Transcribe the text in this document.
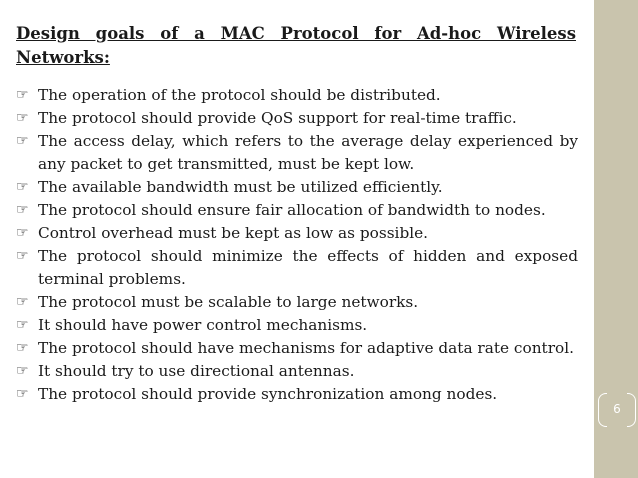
Design goals of a MAC Protocol for Ad-hoc Wireless Networks:
☞ The operation of the protocol should be distributed.
☞ The protocol should provide QoS support for real-time traffic.
☞ The access delay, which refers to the average delay experienced by any packet to get transmitted, must be kept low.
☞ The available bandwidth must be utilized efficiently.
☞ The protocol should ensure fair allocation of bandwidth to nodes.
☞ Control overhead must be kept as low as possible.
☞ The protocol should minimize the effects of hidden and exposed terminal problems.
☞ The protocol must be scalable to large networks.
☞ It should have power control mechanisms.
☞ The protocol should have mechanisms for adaptive data rate control.
☞ It should try to use directional antennas.
☞ The protocol should provide synchronization among nodes.
6
